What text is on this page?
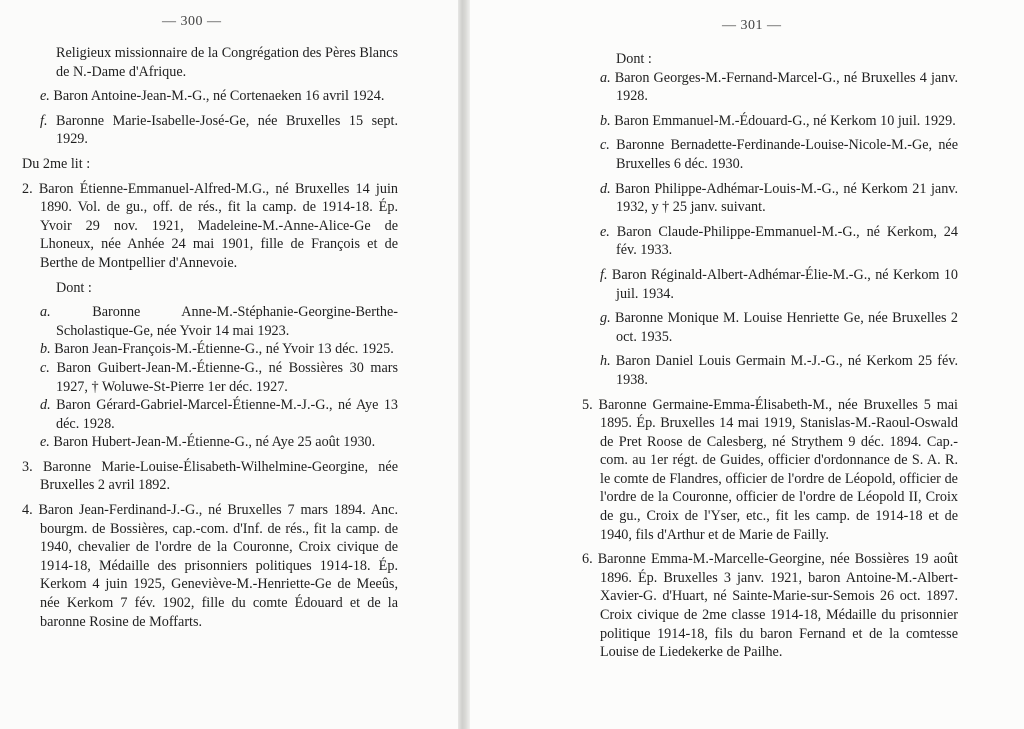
— 300 —

Religieux missionnaire de la Congrégation des Pères Blancs de N.-Dame d'Afrique.

e. Baron Antoine-Jean-M.-G., né Cortenaeken 16 avril 1924.

f. Baronne Marie-Isabelle-José-Ge, née Bruxelles 15 sept. 1929.

Du 2me lit :

2. Baron Étienne-Emmanuel-Alfred-M.G., né Bruxelles 14 juin 1890. Vol. de gu., off. de rés., fit la camp. de 1914-18. Ép. Yvoir 29 nov. 1921, Madeleine-M.-Anne-Alice-Ge de Lhoneux, née Anhée 24 mai 1901, fille de François et de Berthe de Montpellier d'Annevoie.

Dont :

a.	Baronne Anne-M.-Stéphanie-Georgine-Berthe-Scholastique-Ge, née Yvoir 14 mai 1923.

b. Baron Jean-François-M.-Étienne-G., né Yvoir 13 déc. 1925.

c. Baron Guibert-Jean-M.-Étienne-G., né Bossières 30 mars 1927, † Woluwe-St-Pierre 1er déc. 1927.

d. Baron Gérard-Gabriel-Marcel-Étienne-M.-J.-G., né Aye 13 déc. 1928.

e. Baron Hubert-Jean-M.-Étienne-G., né Aye 25 août 1930.

3. Baronne Marie-Louise-Élisabeth-Wilhelmine-Georgine, née Bruxelles 2 avril 1892.

4. Baron Jean-Ferdinand-J.-G., né Bruxelles 7 mars 1894. Anc. bourgm. de Bossières, cap.-com. d'Inf. de rés., fit la camp. de 1940, chevalier de l'ordre de la Couronne, Croix civique de 1914-18, Médaille des prisonniers politiques 1914-18. Ép. Kerkom 4 juin 1925, Geneviève-M.-Henriette-Ge de Meeûs, née Kerkom 7 fév. 1902, fille du comte Édouard et de la baronne Rosine de Moffarts.

— 301 —

Dont :

a. Baron Georges-M.-Fernand-Marcel-G., né Bruxelles 4 janv. 1928.

b. Baron Emmanuel-M.-Édouard-G., né Kerkom 10 juil. 1929.

c. Baronne Bernadette-Ferdinande-Louise-Nicole-M.-Ge, née Bruxelles 6 déc. 1930.

d. Baron Philippe-Adhémar-Louis-M.-G., né Kerkom 21 janv. 1932, y † 25 janv. suivant.

e. Baron Claude-Philippe-Emmanuel-M.-G., né Kerkom, 24 fév. 1933.

f. Baron Réginald-Albert-Adhémar-Élie-M.-G., né Kerkom 10 juil. 1934.

g. Baronne Monique M. Louise Henriette Ge, née Bruxelles 2 oct. 1935.

h. Baron Daniel Louis Germain M.-J.-G., né Kerkom 25 fév. 1938.

5. Baronne Germaine-Emma-Élisabeth-M., née Bruxelles 5 mai 1895. Ép. Bruxelles 14 mai 1919, Stanislas-M.-Raoul-Oswald de Pret Roose de Calesberg, né Strythem 9 déc. 1894. Cap.-com. au 1er régt. de Guides, officier d'ordonnance de S. A. R. le comte de Flandres, officier de l'ordre de Léopold, officier de l'ordre de la Couronne, officier de l'ordre de Léopold II, Croix de gu., Croix de l'Yser, etc., fit les camp. de 1914-18 et de 1940, fils d'Arthur et de Marie de Failly.

6. Baronne Emma-M.-Marcelle-Georgine, née Bossières 19 août 1896. Ép. Bruxelles 3 janv. 1921, baron Antoine-M.-Albert-Xavier-G. d'Huart, né Sainte-Marie-sur-Semois 26 oct. 1897. Croix civique de 2me classe 1914-18, Médaille du prisonnier politique 1914-18, fils du baron Fernand et de la comtesse Louise de Liedekerke de Pailhe.
